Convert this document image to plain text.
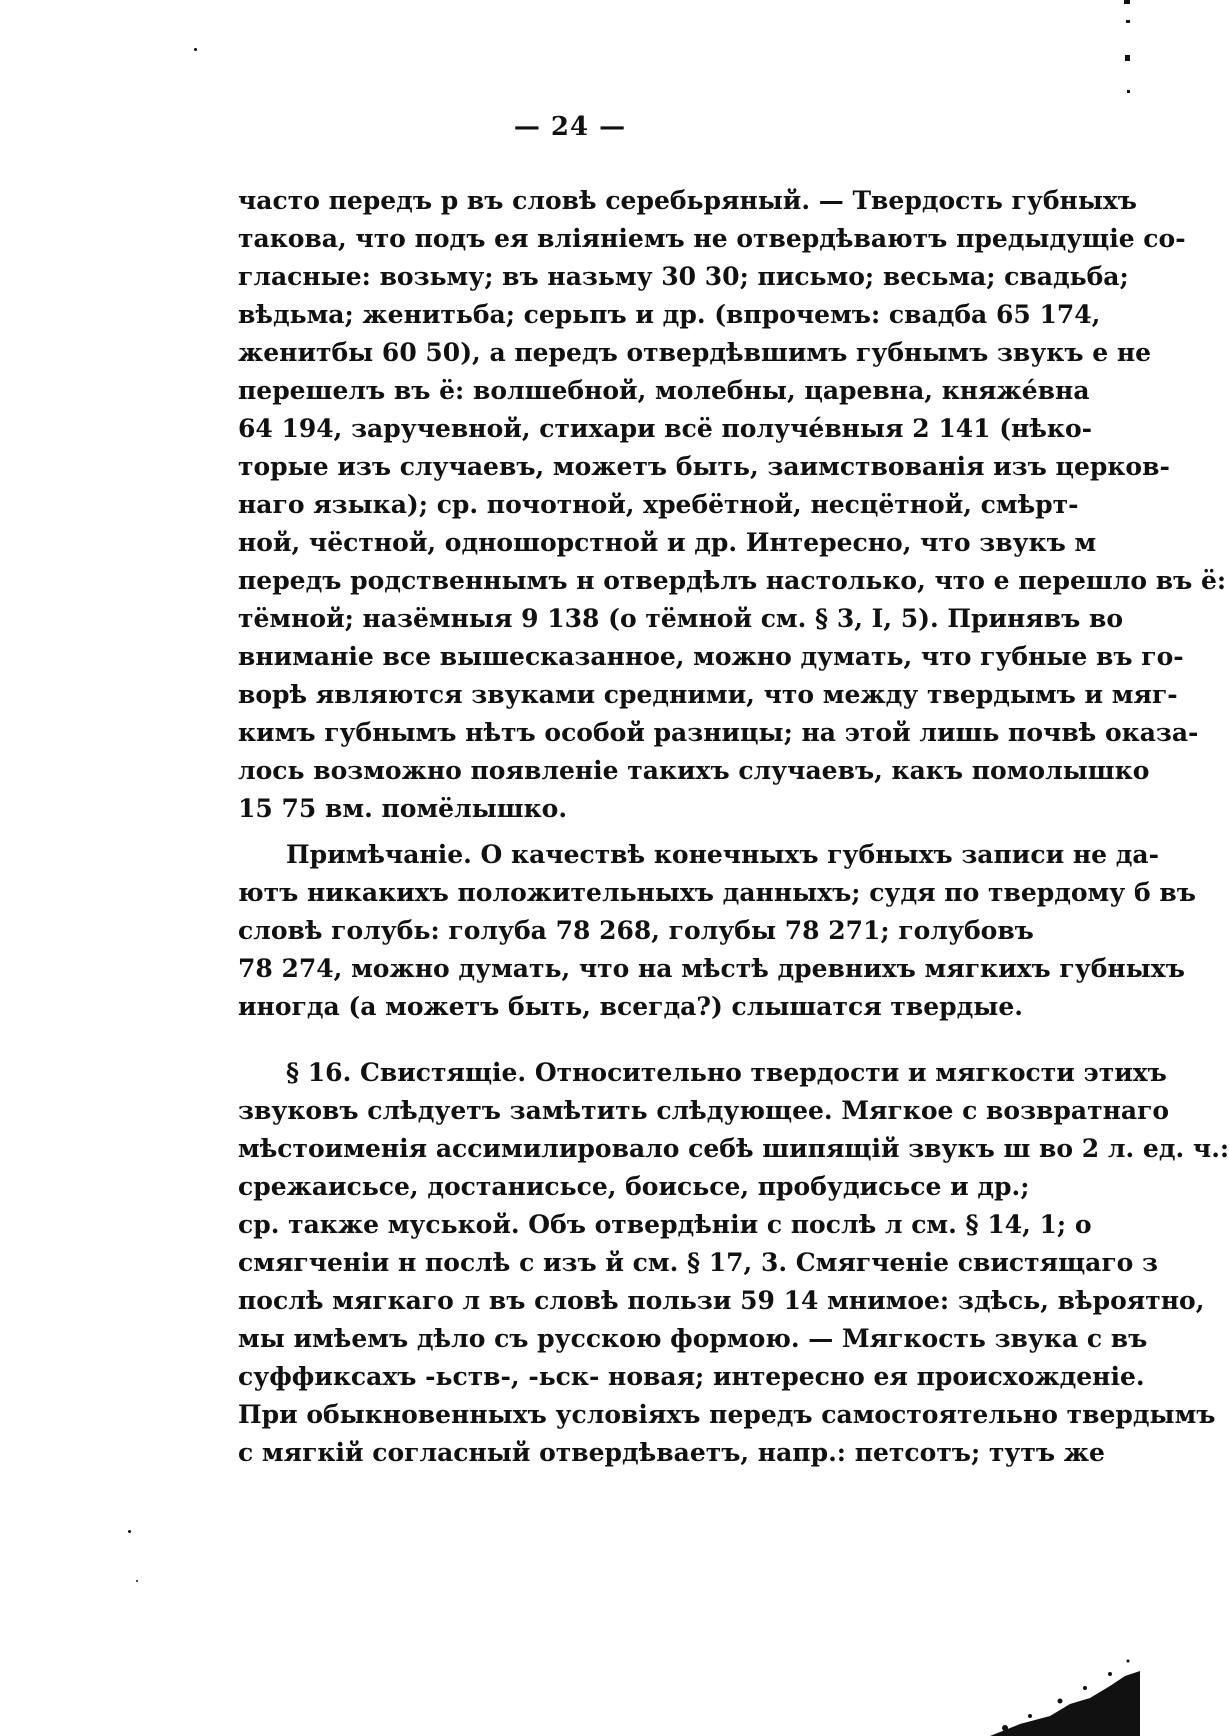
— 24 —
часто передъ р въ словѣ серебьряный. — Твердость губныхъ
такова, что подъ ея вліяніемъ не отвердѣваютъ предыдущіе со-
гласные: возьму; въ назьму 30 30; письмо; весьма; свадьба;
вѣдьма; женитьба; серьпъ и др. (впрочемъ: свадба 65 174,
женитбы 60 50), а передъ отвердѣвшимъ губнымъ звукъ е не
перешелъ въ ё: волшебной, молебны, царевна, княжéвна
64 194, заручевной, стихари всё получéвныя 2 141 (нѣко-
торые изъ случаевъ, можетъ быть, заимствованія изъ церков-
наго языка); ср. почотной, хребётной, несцётной, смѣрт-
ной, чёстной, одношорстной и др. Интересно, что звукъ м
передъ родственнымъ н отвердѣлъ настолько, что е перешло въ ё:
тёмной; назёмныя 9 138 (о тёмной см. § 3, I, 5). Принявъ во
вниманіе все вышесказанное, можно думать, что губные въ го-
ворѣ являются звуками средними, что между твердымъ и мяг-
кимъ губнымъ нѣтъ особой разницы; на этой лишь почвѣ оказа-
лось возможно появленіе такихъ случаевъ, какъ помолышко
15 75 вм. помёлышко.
Примѣчаніе. О качествѣ конечныхъ губныхъ записи не да-
ютъ никакихъ положительныхъ данныхъ; судя по твердому б въ
словѣ голубь: голуба 78 268, голубы 78 271; голубовъ
78 274, можно думать, что на мѣстѣ древнихъ мягкихъ губныхъ
иногда (а можетъ быть, всегда?) слышатся твердые.
§ 16. Свистящіе. Относительно твердости и мягкости этихъ
звуковъ слѣдуетъ замѣтить слѣдующее. Мягкое с возвратнаго
мѣстоименія ассимилировало себѣ шипящій звукъ ш во 2 л. ед. ч.:
срежаисьсе, достанисьсе, боисьсе, пробудисьсе и др.;
ср. также муськой. Объ отвердѣніи с послѣ л см. § 14, 1; о
смягченіи н послѣ с изъ й см. § 17, 3. Смягченіе свистящаго з
послѣ мягкаго л въ словѣ пользи 59 14 мнимое: здѣсь, вѣроятно,
мы имѣемъ дѣло съ русскою формою. — Мягкость звука с въ
суффиксахъ -ьств-, -ьск- новая; интересно ея происхожденіе.
При обыкновенныхъ условіяхъ передъ самостоятельно твердымъ
с мягкій согласный отвердѣваетъ, напр.: петсотъ; тутъ же
